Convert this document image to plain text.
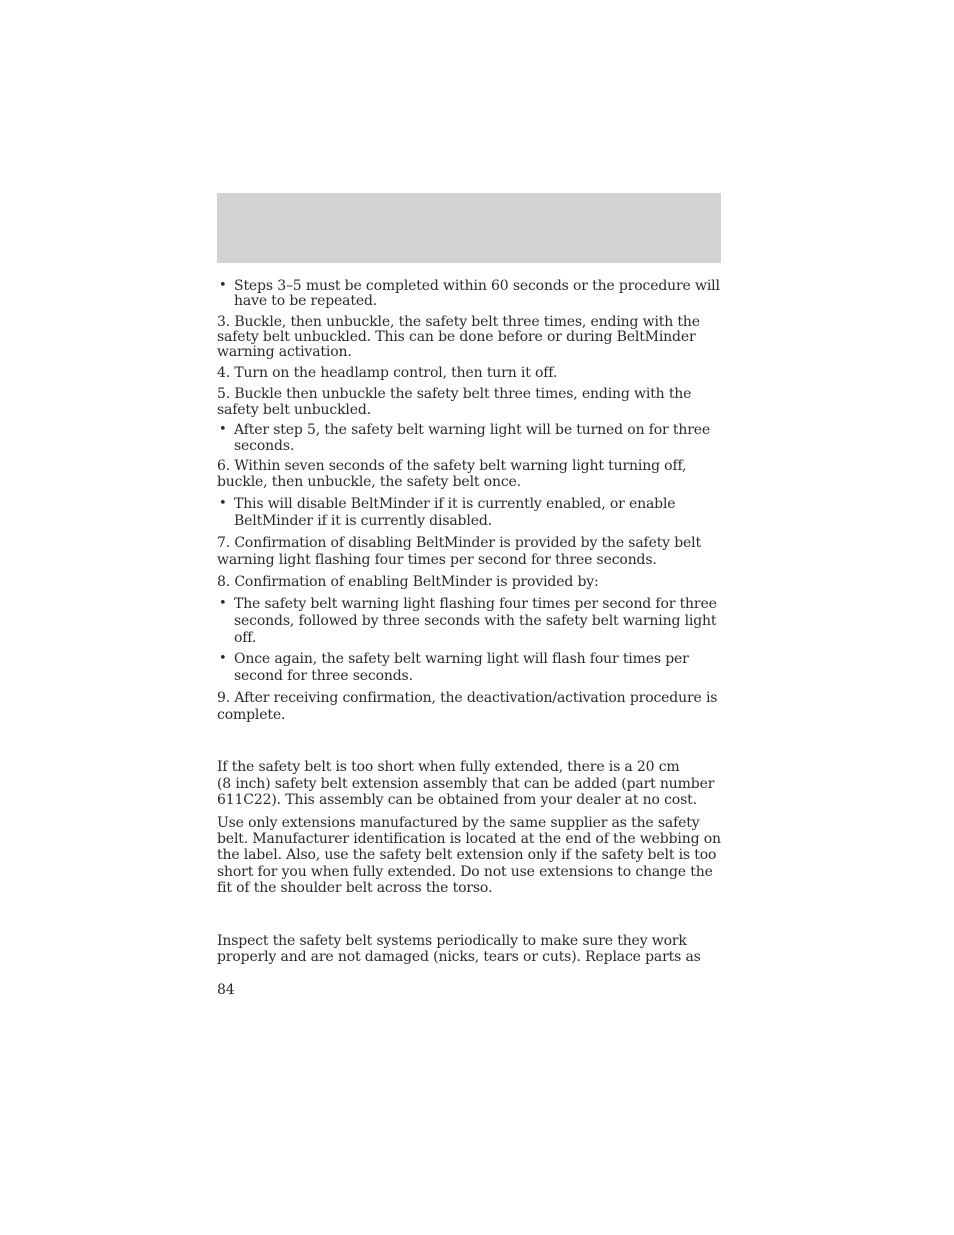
• Steps 3–5 must be completed within 60 seconds or the procedure will

have to be repeated.

3. Buckle, then unbuckle, the safety belt three times, ending with the

safety belt unbuckled. This can be done before or during BeltMinder

warning activation.

4. Turn on the headlamp control, then turn it off.

5. Buckle then unbuckle the safety belt three times, ending with the

safety belt unbuckled.

• After step 5, the safety belt warning light will be turned on for three

seconds.

6. Within seven seconds of the safety belt warning light turning off,

buckle, then unbuckle, the safety belt once.

• This will disable BeltMinder if it is currently enabled, or enable

BeltMinder if it is currently disabled.

7. Confirmation of disabling BeltMinder is provided by the safety belt

warning light flashing four times per second for three seconds.

8. Confirmation of enabling BeltMinder is provided by:

• The safety belt warning light flashing four times per second for three

seconds, followed by three seconds with the safety belt warning light

off.

• Once again, the safety belt warning light will flash four times per

second for three seconds.

9. After receiving confirmation, the deactivation/activation procedure is

complete.

If the safety belt is too short when fully extended, there is a 20 cm

(8 inch) safety belt extension assembly that can be added (part number

611C22). This assembly can be obtained from your dealer at no cost.

Use only extensions manufactured by the same supplier as the safety

belt. Manufacturer identification is located at the end of the webbing on

the label. Also, use the safety belt extension only if the safety belt is too

short for you when fully extended. Do not use extensions to change the

fit of the shoulder belt across the torso.

Inspect the safety belt systems periodically to make sure they work

properly and are not damaged (nicks, tears or cuts). Replace parts as

84
